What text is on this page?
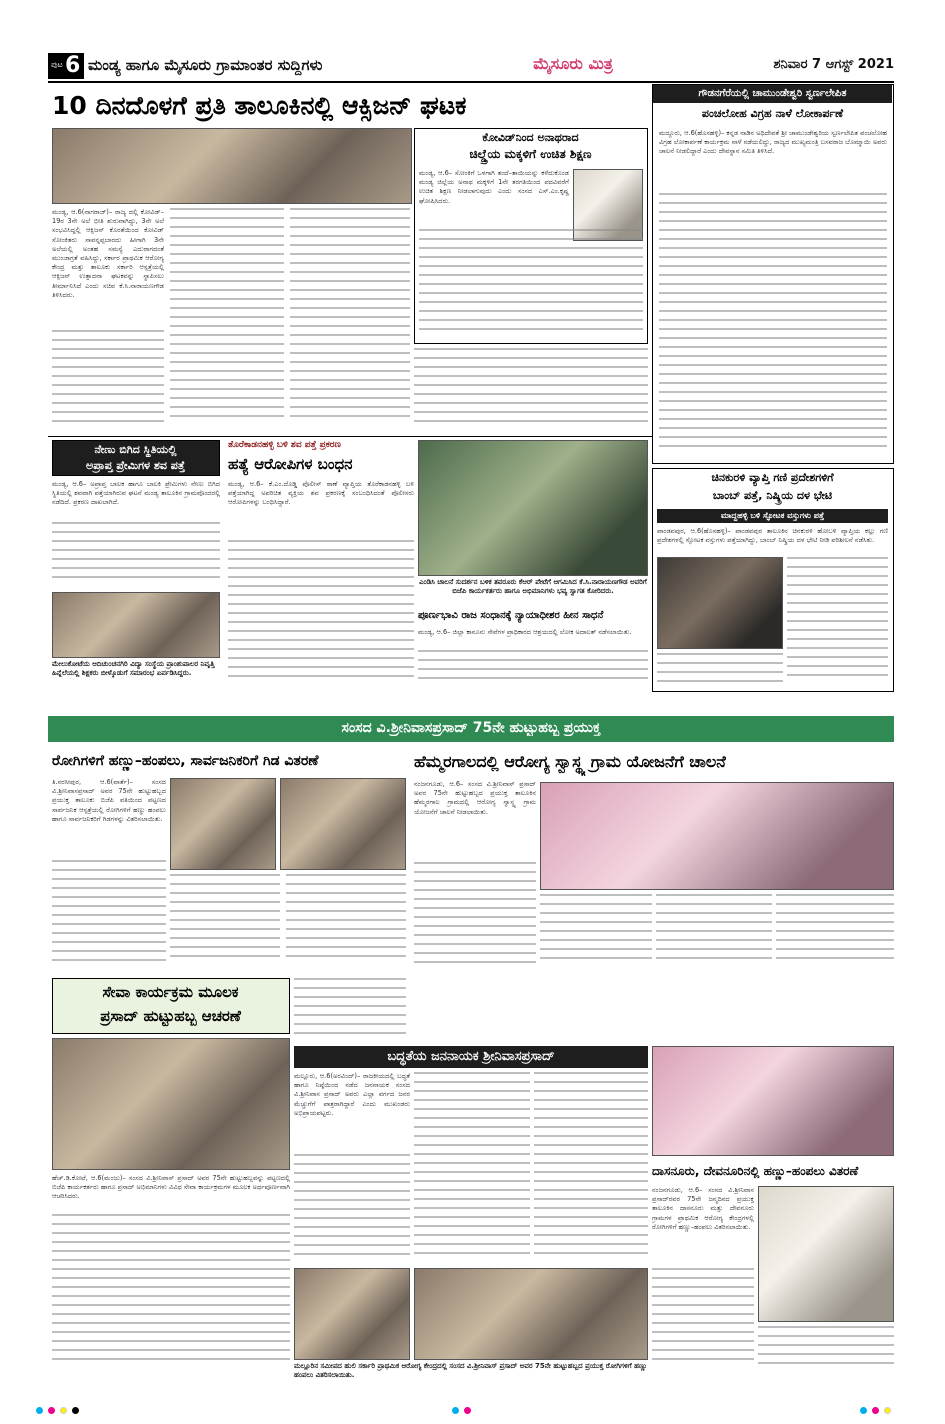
ಪುಟ 6 ಮಂಡ್ಯ ಹಾಗೂ ಮೈಸೂರು ಗ್ರಾಮಾಂತರ ಸುದ್ದಿಗಳು	ಮೈಸೂರು ಮಿತ್ರ	ಶನಿವಾರ 7 ಆಗಸ್ಟ್ 2021
10 ದಿನದೊಳಗೆ ಪ್ರತಿ ತಾಲೂಕಿನಲ್ಲಿ ಆಕ್ಸಿಜನ್ ಘಟಕ	ಗೌಡನಗೆರೆಯಲ್ಲಿ ಚಾಮುಂಡೇಶ್ವರಿ ಸ್ವರ್ಣಲೇಪಿತ
ಪಂಚಲೋಹ ವಿಗ್ರಹ ನಾಳೆ ಲೋಕಾರ್ಪಣೆ
ಮದ್ದೂರು, ಆ.6(ಹೊಸಹಳ್ಳಿ)– ಕನ್ನಡ ನಾಡಿನ ಅಧಿದೇವತೆ ಶ್ರೀ ಚಾಮುಂಡೇಶ್ವರಿಯ ಸ್ವರ್ಣಲೇಪಿತ ಪಂಚಲೋಹ ವಿಗ್ರಹ ಲೋಕಾರ್ಪಣೆ ಕಾರ್ಯಕ್ರಮ ನಾಳೆ ನಡೆಯಲಿದ್ದು, ರಾಜ್ಯದ ಮುಖ್ಯಮಂತ್ರಿ ಬಸವರಾಜ ಬೊಮ್ಮಾಯಿ ಅವರು ಚಾಲನೆ ನೀಡಲಿದ್ದಾರೆ ಎಂದು ದೇವಸ್ಥಾನ ಸಮಿತಿ ತಿಳಿಸಿದೆ.
ಕೋವಿಡ್‌ನಿಂದ ಅನಾಥರಾದ
ಚಿಲ್ಡ್ರೆಯ ಮಕ್ಕಳಿಗೆ ಉಚಿತ ಶಿಕ್ಷಣ
ಮಂಡ್ಯ, ಆ.6– ಸೋಂಕಿಗೆ ಒಳಗಾಗಿ ತಂದೆ–ತಾಯಿಯನ್ನು ಕಳೆದುಕೊಂಡ ಮಂಡ್ಯ ಜಿಲ್ಲೆಯ ಅನಾಥ ಮಕ್ಕಳಿಗೆ 1ನೇ ತರಗತಿಯಿಂದ ಪದವಿವರೆಗೆ ಉಚಿತ ಶಿಕ್ಷಣ ನೀಡಲಾಗುವುದು ಎಂದು ಸಂಸದ ಎಸ್.ಎಂ.ಕೃಷ್ಣ ಘೋಷಿಸಿದರು.
ಮಂಡ್ಯ, ಆ.6(ನಾಗರಾಜ್)– ರಾಜ್ಯ ದಲ್ಲಿ ಕೋವಿಡ್–19ರ 3ನೇ ಅಲೆ ಭೀತಿ ಶುರುವಾಗಿದ್ದು, 3ನೇ ಅಲೆ ಸಂಭವಿಸಿದ್ದಲ್ಲಿ ಆಕ್ಸಿಜನ್ ಕೊರತೆಯಿಂದ ಕೋವಿಡ್ ಸೋಂಕಿತರು ಸಾವನ್ನಪ್ಪಬಾರದು ಹೀಗಾಗಿ 3ನೇ ಅಲೆಯಲ್ಲಿ ಅಂತಹ ಸಮಸ್ಯೆ ಎದುರಾಗದಂತೆ ಮುಂಜಾಗ್ರತೆ ವಹಿಸಿದ್ದು, ಸರ್ಕಾರ ಪ್ರಾಥಮಿಕ ಆರೋಗ್ಯ ಕೇಂದ್ರ ಮತ್ತು ತಾಲೂಕು ಸರ್ಕಾರಿ ಆಸ್ಪತ್ರೆಯಲ್ಲಿ ಆಕ್ಸಿಜನ್ ಉತ್ಪಾದನಾ ಘಟಕವನ್ನು ಸ್ಥಾಪಿಸಲು ತೀರ್ಮಾನಿಸಿದೆ ಎಂದು ಸಚಿವ ಕೆ.ಸಿ.ನಾರಾಯಣಗೌಡ ತಿಳಿಸಿದರು.
ನೇಣು ಬಿಗಿದ ಸ್ಥಿತಿಯಲ್ಲಿ
ಅಪ್ರಾಪ್ತ ಪ್ರೇಮಿಗಳ ಶವ ಪತ್ತೆ
ಮಂಡ್ಯ, ಆ.6– ಅಪ್ರಾಪ್ತ ಬಾಲಕ ಹಾಗೂ ಬಾಲಕಿ ಪ್ರೇಮಿಗಳು ನೇಣು ಬಿಗಿದ ಸ್ಥಿತಿಯಲ್ಲಿ ಶವವಾಗಿ ಪತ್ತೆಯಾಗಿರುವ ಘಟನೆ ಮಂಡ್ಯ ತಾಲೂಕಿನ ಗ್ರಾಮವೊಂದರಲ್ಲಿ ನಡೆದಿದೆ. ಪ್ರಕರಣ ದಾಖಲಾಗಿದೆ.
ಮೇಲುಕೋಟೆಯ ಆದಿಚುಂಚನಗಿರಿ ವಿದ್ಯಾ ಸಂಸ್ಥೆಯ ಪ್ರಾಂಶುಪಾಲರ ನಿವೃತ್ತಿ ಹಿನ್ನೆಲೆಯಲ್ಲಿ ಶಿಕ್ಷಕರು ಬೀಳ್ಕೊಡುಗೆ ಸಮಾರಂಭ ಏರ್ಪಡಿಸಿದ್ದರು.
ತೊರೆಕಾಡನಹಳ್ಳಿ ಬಳಿ ಶವ ಪತ್ತೆ ಪ್ರಕರಣ
ಹತ್ಯೆ ಆರೋಪಿಗಳ ಬಂಧನ
ಮಂಡ್ಯ, ಆ.6– ಕೆ.ಎಂ.ದೊಡ್ಡಿ ಪೊಲೀಸ್ ಠಾಣೆ ವ್ಯಾಪ್ತಿಯ ತೊರೆಕಾಡನಹಳ್ಳಿ ಬಳಿ ಪತ್ತೆಯಾಗಿದ್ದ ಅಪರಿಚಿತ ವ್ಯಕ್ತಿಯ ಶವ ಪ್ರಕರಣಕ್ಕೆ ಸಂಬಂಧಿಸಿದಂತೆ ಪೊಲೀಸರು ಆರೋಪಿಗಳನ್ನು ಬಂಧಿಸಿದ್ದಾರೆ.
ಎಂಡಿಸಿ ಚಾಲನೆ ಸುದರ್ಶನ ಬಳಿಕ ತವರೂರು ಕೆಆರ್ ಪೇಟೆಗೆ ಆಗಮಿಸಿದ ಕೆ.ಸಿ.ನಾರಾಯಣಗೌಡ ಅವರಿಗೆ ಬಿಜೆಪಿ ಕಾರ್ಯಕರ್ತರು ಹಾಗೂ ಅಭಿಮಾನಿಗಳು ಭವ್ಯ ಸ್ವಾಗತ ಕೋರಿದರು.
ಪೂರ್ಣಭಾವಿ ರಾಜ ಸಂಧಾನಕ್ಕೆ ನ್ಯಾಯಾಧೀಶರ ಹೀನ ಸಾಧನೆ
ಮಂಡ್ಯ, ಆ.6– ಜಿಲ್ಲಾ ಕಾನೂನು ಸೇವೆಗಳ ಪ್ರಾಧಿಕಾರದ ಆಶ್ರಯದಲ್ಲಿ ಲೋಕ ಅದಾಲತ್ ನಡೆಸಲಾಯಿತು.
ಚಿನಕುರಳಿ ವ್ಯಾಪ್ತಿ ಗಣಿ ಪ್ರದೇಶಗಳಿಗೆ
ಬಾಂಬ್ ಪತ್ತೆ, ನಿಷ್ಕ್ರಿಯ ದಳ ಭೇಟಿ
ಮಾದ್ದಹಳ್ಳಿ ಬಳಿ ಸ್ಫೋಟಕ ವಸ್ತುಗಳು ಪತ್ತೆ
ಪಾಂಡವಪುರ, ಆ.6(ಹೊಸಹಳ್ಳಿ)– ಪಾಂಡವಪುರ ತಾಲೂಕಿನ ಚಿನಕುರಳಿ ಹೋಬಳಿ ವ್ಯಾಪ್ತಿಯ ಕಲ್ಲು ಗಣಿ ಪ್ರದೇಶಗಳಲ್ಲಿ ಸ್ಫೋಟಕ ವಸ್ತುಗಳು ಪತ್ತೆಯಾಗಿದ್ದು, ಬಾಂಬ್ ನಿಷ್ಕ್ರಿಯ ದಳ ಭೇಟಿ ನೀಡಿ ಪರಿಶೀಲನೆ ನಡೆಸಿತು.
ಸಂಸದ ವಿ.ಶ್ರೀನಿವಾಸಪ್ರಸಾದ್ 75ನೇ ಹುಟ್ಟುಹಬ್ಬ ಪ್ರಯುಕ್ತ
ರೋಗಿಗಳಿಗೆ ಹಣ್ಣು–ಹಂಪಲು, ಸಾರ್ವಜನಿಕರಿಗೆ ಗಿಡ ವಿತರಣೆ
ತಿ.ನರಸೀಪುರ, ಆ.6(ವಾರ್ತೆ)– ಸಂಸದ ವಿ.ಶ್ರೀನಿವಾಸಪ್ರಸಾದ್ ಅವರ 75ನೇ ಹುಟ್ಟುಹಬ್ಬದ ಪ್ರಯುಕ್ತ ತಾಲೂಕು ಬಿಜೆಪಿ ವತಿಯಿಂದ ಪಟ್ಟಣದ ಸಾರ್ವಜನಿಕ ಆಸ್ಪತ್ರೆಯಲ್ಲಿ ರೋಗಿಗಳಿಗೆ ಹಣ್ಣು ಹಂಪಲು ಹಾಗೂ ಸಾರ್ವಜನಿಕರಿಗೆ ಗಿಡಗಳನ್ನು ವಿತರಿಸಲಾಯಿತು.
ಹೆಮ್ಮರಗಾಲದಲ್ಲಿ ಆರೋಗ್ಯ ಸ್ವಾಸ್ಥ್ಯ ಗ್ರಾಮ ಯೋಜನೆಗೆ ಚಾಲನೆ
ನಂಜನಗೂಡು, ಆ.6– ಸಂಸದ ವಿ.ಶ್ರೀನಿವಾಸ್ ಪ್ರಸಾದ್ ಅವರ 75ನೇ ಹುಟ್ಟುಹಬ್ಬದ ಪ್ರಯುಕ್ತ ತಾಲೂಕಿನ ಹೆಮ್ಮರಗಾಲ ಗ್ರಾಮದಲ್ಲಿ ಆರೋಗ್ಯ ಸ್ವಾಸ್ಥ್ಯ ಗ್ರಾಮ ಯೋಜನೆಗೆ ಚಾಲನೆ ನೀಡಲಾಯಿತು.
ಸೇವಾ ಕಾರ್ಯಕ್ರಮ ಮೂಲಕ
ಪ್ರಸಾದ್ ಹುಟ್ಟುಹಬ್ಬ ಆಚರಣೆ
ಹೆಚ್.ಡಿ.ಕೋಟೆ, ಆ.6(ಮಂಜು)– ಸಂಸದ ವಿ.ಶ್ರೀನಿವಾಸ್ ಪ್ರಸಾದ್ ಅವರ 75ನೇ ಹುಟ್ಟುಹಬ್ಬವನ್ನು ಪಟ್ಟಣದಲ್ಲಿ ಬಿಜೆಪಿ ಕಾರ್ಯಕರ್ತರು ಹಾಗೂ ಪ್ರಸಾದ್ ಅಭಿಮಾನಿಗಳು ವಿವಿಧ ಸೇವಾ ಕಾರ್ಯಕ್ರಮಗಳ ಮೂಲಕ ಅರ್ಥಪೂರ್ಣವಾಗಿ ಆಚರಿಸಿದರು.
ಬದ್ಧತೆಯ ಜನನಾಯಕ ಶ್ರೀನಿವಾಸಪ್ರಸಾದ್
ಮಲ್ಲೂರು, ಆ.6(ಅರವಿಂದ್)– ರಾಜಕೀಯದಲ್ಲಿ ಬದ್ಧತೆ ಹಾಗೂ ನಿಷ್ಠೆಯಿಂದ ನಡೆದ ಜನನಾಯಕ ಸಂಸದ ವಿ.ಶ್ರೀನಿವಾಸ ಪ್ರಸಾದ್ ಅವರು ಎಲ್ಲಾ ವರ್ಗದ ಜನರ ಮೆಚ್ಚುಗೆಗೆ ಪಾತ್ರರಾಗಿದ್ದಾರೆ ಎಂದು ಮುಖಂಡರು ಅಭಿಪ್ರಾಯಪಟ್ಟರು.
ಮಲ್ಲೂರಿನ ಸಮೀಪದ ಹುಲಿ ಸರ್ಕಾರಿ ಪ್ರಾಥಮಿಕ ಆರೋಗ್ಯ ಕೇಂದ್ರದಲ್ಲಿ ಸಂಸದ ವಿ.ಶ್ರೀನಿವಾಸ್ ಪ್ರಸಾದ್ ಅವರ 75ನೇ ಹುಟ್ಟುಹಬ್ಬದ ಪ್ರಯುಕ್ತ ರೋಗಿಗಳಿಗೆ ಹಣ್ಣು ಹಂಪಲು ವಿತರಿಸಲಾಯಿತು.
ದಾಸನೂರು, ದೇವನೂರಿನಲ್ಲಿ ಹಣ್ಣು–ಹಂಪಲು ವಿತರಣೆ
ನಂಜನಗೂಡು, ಆ.6– ಸಂಸದ ವಿ.ಶ್ರೀನಿವಾಸ ಪ್ರಸಾದ್‌ರವರ 75ನೇ ಜನ್ಮದಿನದ ಪ್ರಯುಕ್ತ ತಾಲೂಕಿನ ದಾಸನೂರು ಮತ್ತು ದೇವನೂರು ಗ್ರಾಮಗಳ ಪ್ರಾಥಮಿಕ ಆರೋಗ್ಯ ಕೇಂದ್ರಗಳಲ್ಲಿ ರೋಗಿಗಳಿಗೆ ಹಣ್ಣು–ಹಂಪಲು ವಿತರಿಸಲಾಯಿತು.
